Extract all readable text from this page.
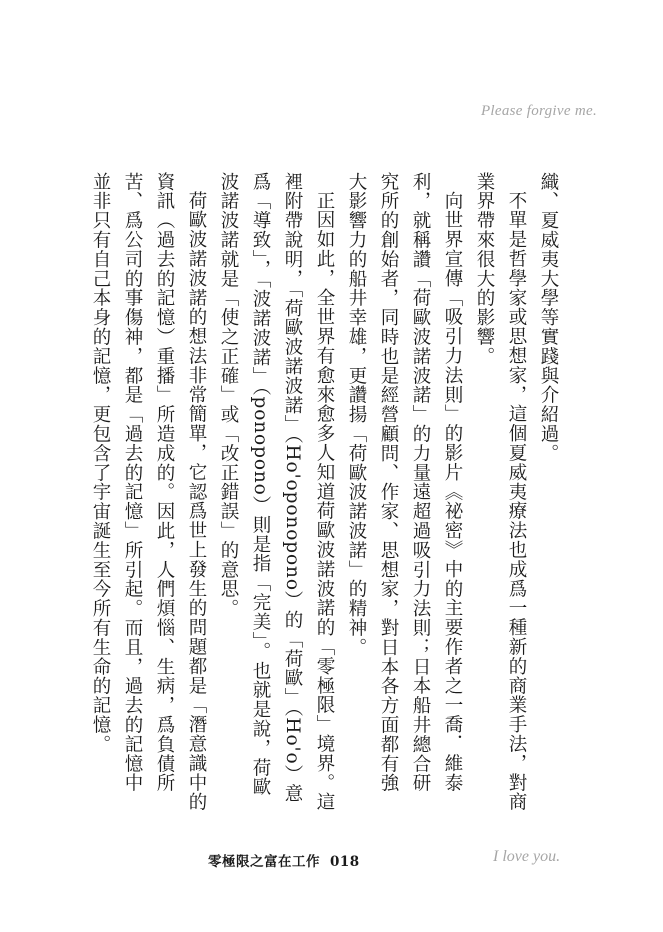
Please forgive me.

織、夏威夷大學等實踐與介紹過。

不單是哲學家或思想家，這個夏威夷療法也成爲一種新的商業手法，對商業界帶來很大的影響。

向世界宣傳「吸引力法則」的影片《祕密》中的主要作者之一喬．維泰利，就稱讚「荷歐波諾波諾」的力量遠超過吸引力法則；日本船井總合研究所的創始者，同時也是經營顧問、作家、思想家，對日本各方面都有強大影響力的船井幸雄，更讚揚「荷歐波諾波諾」的精神。

正因如此，全世界有愈來愈多人知道荷歐波諾波諾的「零極限」境界。這裡附帶說明，「荷歐波諾波諾」（Ho'oponopono）的「荷歐」（Ho'o）意爲「導致」，「波諾波諾」（ponopono）則是指「完美」。也就是說，荷歐波諾波諾就是「使之正確」或「改正錯誤」的意思。

荷歐波諾波諾的想法非常簡單，它認爲世上發生的問題都是「潛意識中的資訊（過去的記憶）重播」所造成的。因此，人們煩惱、生病，爲負債所苦、爲公司的事傷神，都是「過去的記憶」所引起。而且，過去的記憶中並非只有自己本身的記憶，更包含了宇宙誕生至今所有生命的記憶。

零極限之富在工作 018	I love you.
